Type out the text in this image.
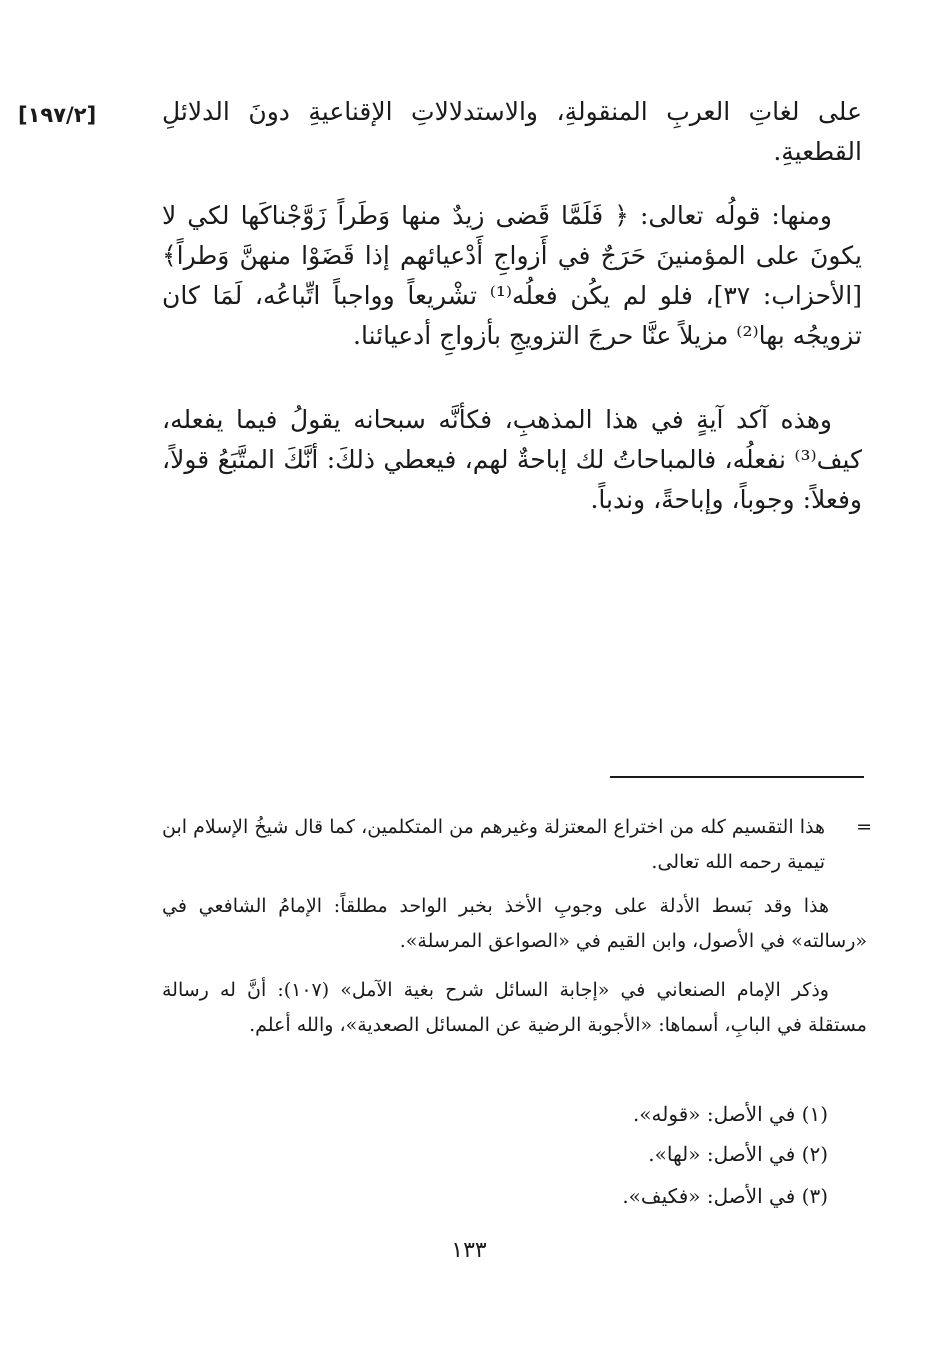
[١٩٧/٢]	على لغاتِ العربِ المنقولةِ، والاستدلالاتِ الإقناعيةِ دونَ الدلائلِ القطعيةِ.

ومنها: قولُه تعالى: ﴿ فَلَمَّا قَضى زيدٌ منها وَطَراً زَوَّجْناكَها لكي لا يكونَ على المؤمنينَ حَرَجٌ في أَزواجِ أَدْعيائهم إذا قَضَوْا منهنَّ وَطراً﴾ [الأحزاب: ٣٧]، فلو لم يكُن فعلُه⁽¹⁾ تشْريعاً وواجباً اتِّباعُه، لَمَا كان تزويجُه بها⁽²⁾ مزيلاً عنَّا حرجَ التزويجِ بأزواجِ أدعيائنا.

وهذه آكد آيةٍ في هذا المذهبِ، فكأنَّه سبحانه يقولُ فيما يفعله، كيف⁽³⁾ نفعلُه، فالمباحاتُ لك إباحةٌ لهم، فيعطي ذلكَ: أنَّكَ المتَّبَعُ قولاً، وفعلاً: وجوباً، وإباحةً، وندباً.

=
هذا التقسيم كله من اختراع المعتزلة وغيرهم من المتكلمين، كما قال شيخُ الإسلام ابن تيمية رحمه الله تعالى.

هذا وقد بَسط الأدلة على وجوبِ الأخذ بخبر الواحد مطلقاً: الإمامُ الشافعي في «رسالته» في الأصول، وابن القيم في «الصواعق المرسلة».

وذكر الإمام الصنعاني في «إجابة السائل شرح بغية الآمل» (١٠٧): أنَّ له رسالة مستقلة في البابِ، أسماها: «الأجوبة الرضية عن المسائل الصعدية»، والله أعلم.

(١) في الأصل: «قوله».
(٢) في الأصل: «لها».
(٣) في الأصل: «فكيف».
١٣٣
